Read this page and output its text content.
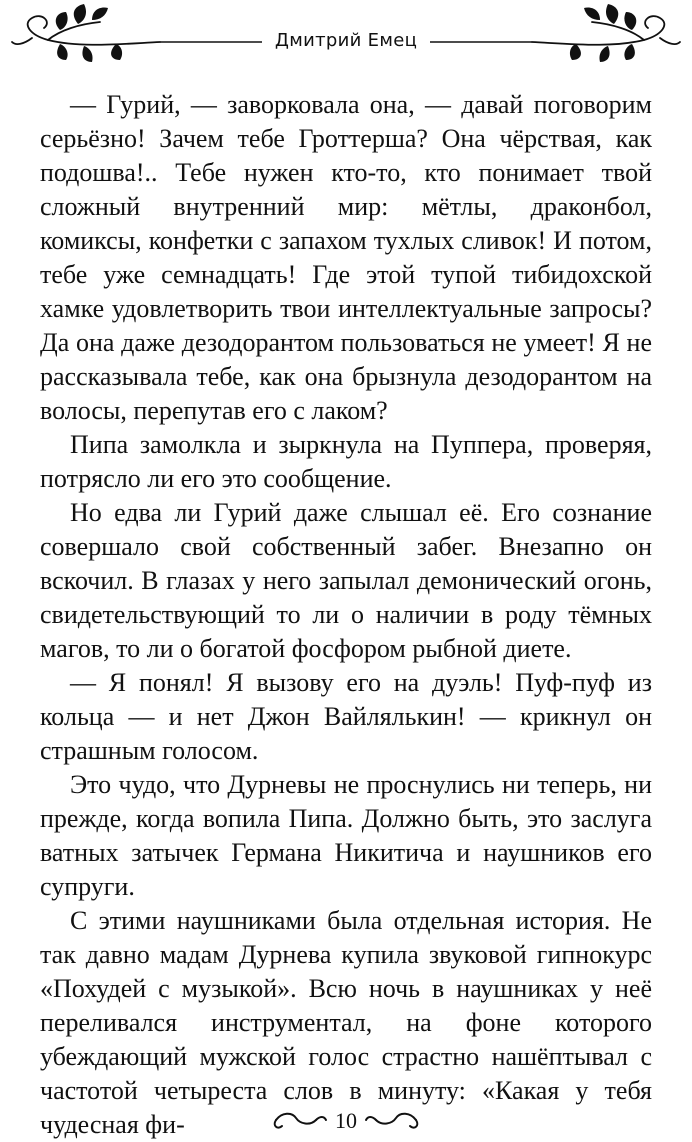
Дмитрий Емец

— Гурий, — заворковала она, — давай поговорим серьёзно! Зачем тебе Гроттерша? Она чёрствая, как подошва!.. Тебе нужен кто-то, кто понимает твой сложный внутренний мир: мётлы, драконбол, комиксы, конфетки с запахом тухлых сливок! И потом, тебе уже семнадцать! Где этой тупой тибидохской хамке удовлетворить твои интеллектуальные запросы? Да она даже дезодорантом пользоваться не умеет! Я не рассказывала тебе, как она брызнула дезодорантом на волосы, перепутав его с лаком?

Пипа замолкла и зыркнула на Пуппера, проверяя, потрясло ли его это сообщение.

Но едва ли Гурий даже слышал её. Его сознание совершало свой собственный забег. Внезапно он вскочил. В глазах у него запылал демонический огонь, свидетельствующий то ли о наличии в роду тёмных магов, то ли о богатой фосфором рыбной диете.

— Я понял! Я вызову его на дуэль! Пуф-пуф из кольца — и нет Джон Вайлялькин! — крикнул он страшным голосом.

Это чудо, что Дурневы не проснулись ни теперь, ни прежде, когда вопила Пипа. Должно быть, это заслуга ватных затычек Германа Никитича и наушников его супруги.

С этими наушниками была отдельная история. Не так давно мадам Дурнева купила звуковой гипнокурс «Похудей с музыкой». Всю ночь в наушниках у неё переливался инструментал, на фоне которого убеждающий мужской голос страстно нашёптывал с частотой четыреста слов в минуту: «Какая у тебя чудесная фи-	10
